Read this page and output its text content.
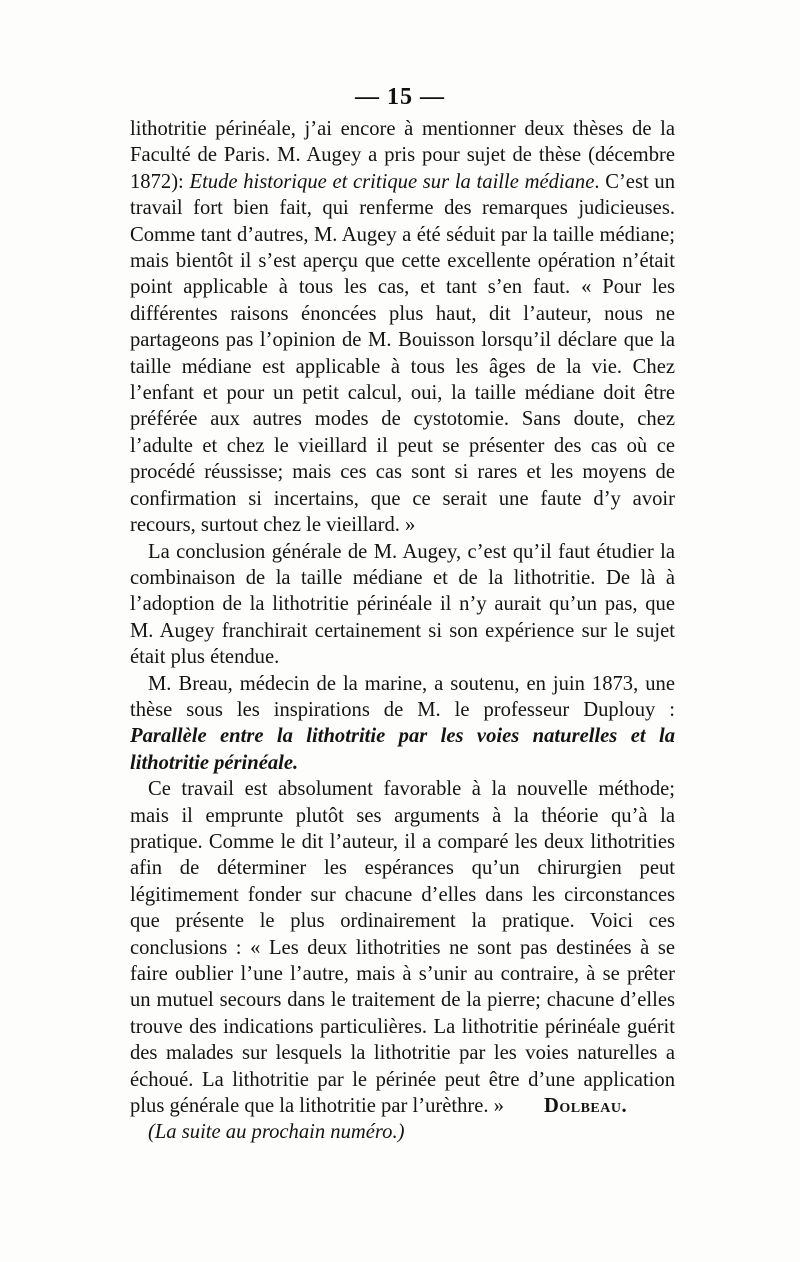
— 15 —

lithotritie périnéale, j’ai encore à mentionner deux thèses de la Faculté de Paris. M. Augey a pris pour sujet de thèse (décembre 1872): Etude historique et critique sur la taille médiane. C’est un travail fort bien fait, qui renferme des remarques judicieuses. Comme tant d’autres, M. Augey a été séduit par la taille médiane; mais bientôt il s’est aperçu que cette excellente opération n’était point applicable à tous les cas, et tant s’en faut. « Pour les différentes raisons énoncées plus haut, dit l’auteur, nous ne partageons pas l’opinion de M. Bouisson lorsqu’il déclare que la taille médiane est applicable à tous les âges de la vie. Chez l’enfant et pour un petit calcul, oui, la taille médiane doit être préférée aux autres modes de cystotomie. Sans doute, chez l’adulte et chez le vieillard il peut se présenter des cas où ce procédé réussisse; mais ces cas sont si rares et les moyens de confirmation si incertains, que ce serait une faute d’y avoir recours, surtout chez le vieillard. »

La conclusion générale de M. Augey, c’est qu’il faut étudier la combinaison de la taille médiane et de la lithotritie. De là à l’adoption de la lithotritie périnéale il n’y aurait qu’un pas, que M. Augey franchirait certainement si son expérience sur le sujet était plus étendue.

M. Breau, médecin de la marine, a soutenu, en juin 1873, une thèse sous les inspirations de M. le professeur Duplouy : Parallèle entre la lithotritie par les voies naturelles et la lithotritie périnéale.

Ce travail est absolument favorable à la nouvelle méthode; mais il emprunte plutôt ses arguments à la théorie qu’à la pratique. Comme le dit l’auteur, il a comparé les deux lithotrities afin de déterminer les espérances qu’un chirurgien peut légitimement fonder sur chacune d’elles dans les circonstances que présente le plus ordinairement la pratique. Voici ces conclusions : « Les deux lithotrities ne sont pas destinées à se faire oublier l’une l’autre, mais à s’unir au contraire, à se prêter un mutuel secours dans le traitement de la pierre; chacune d’elles trouve des indications particulières. La lithotritie périnéale guérit des malades sur lesquels la lithotritie par les voies naturelles a échoué. La lithotritie par le périnée peut être d’une application plus générale que la lithotritie par l’urèthre. » Dolbeau.

(La suite au prochain numéro.)
